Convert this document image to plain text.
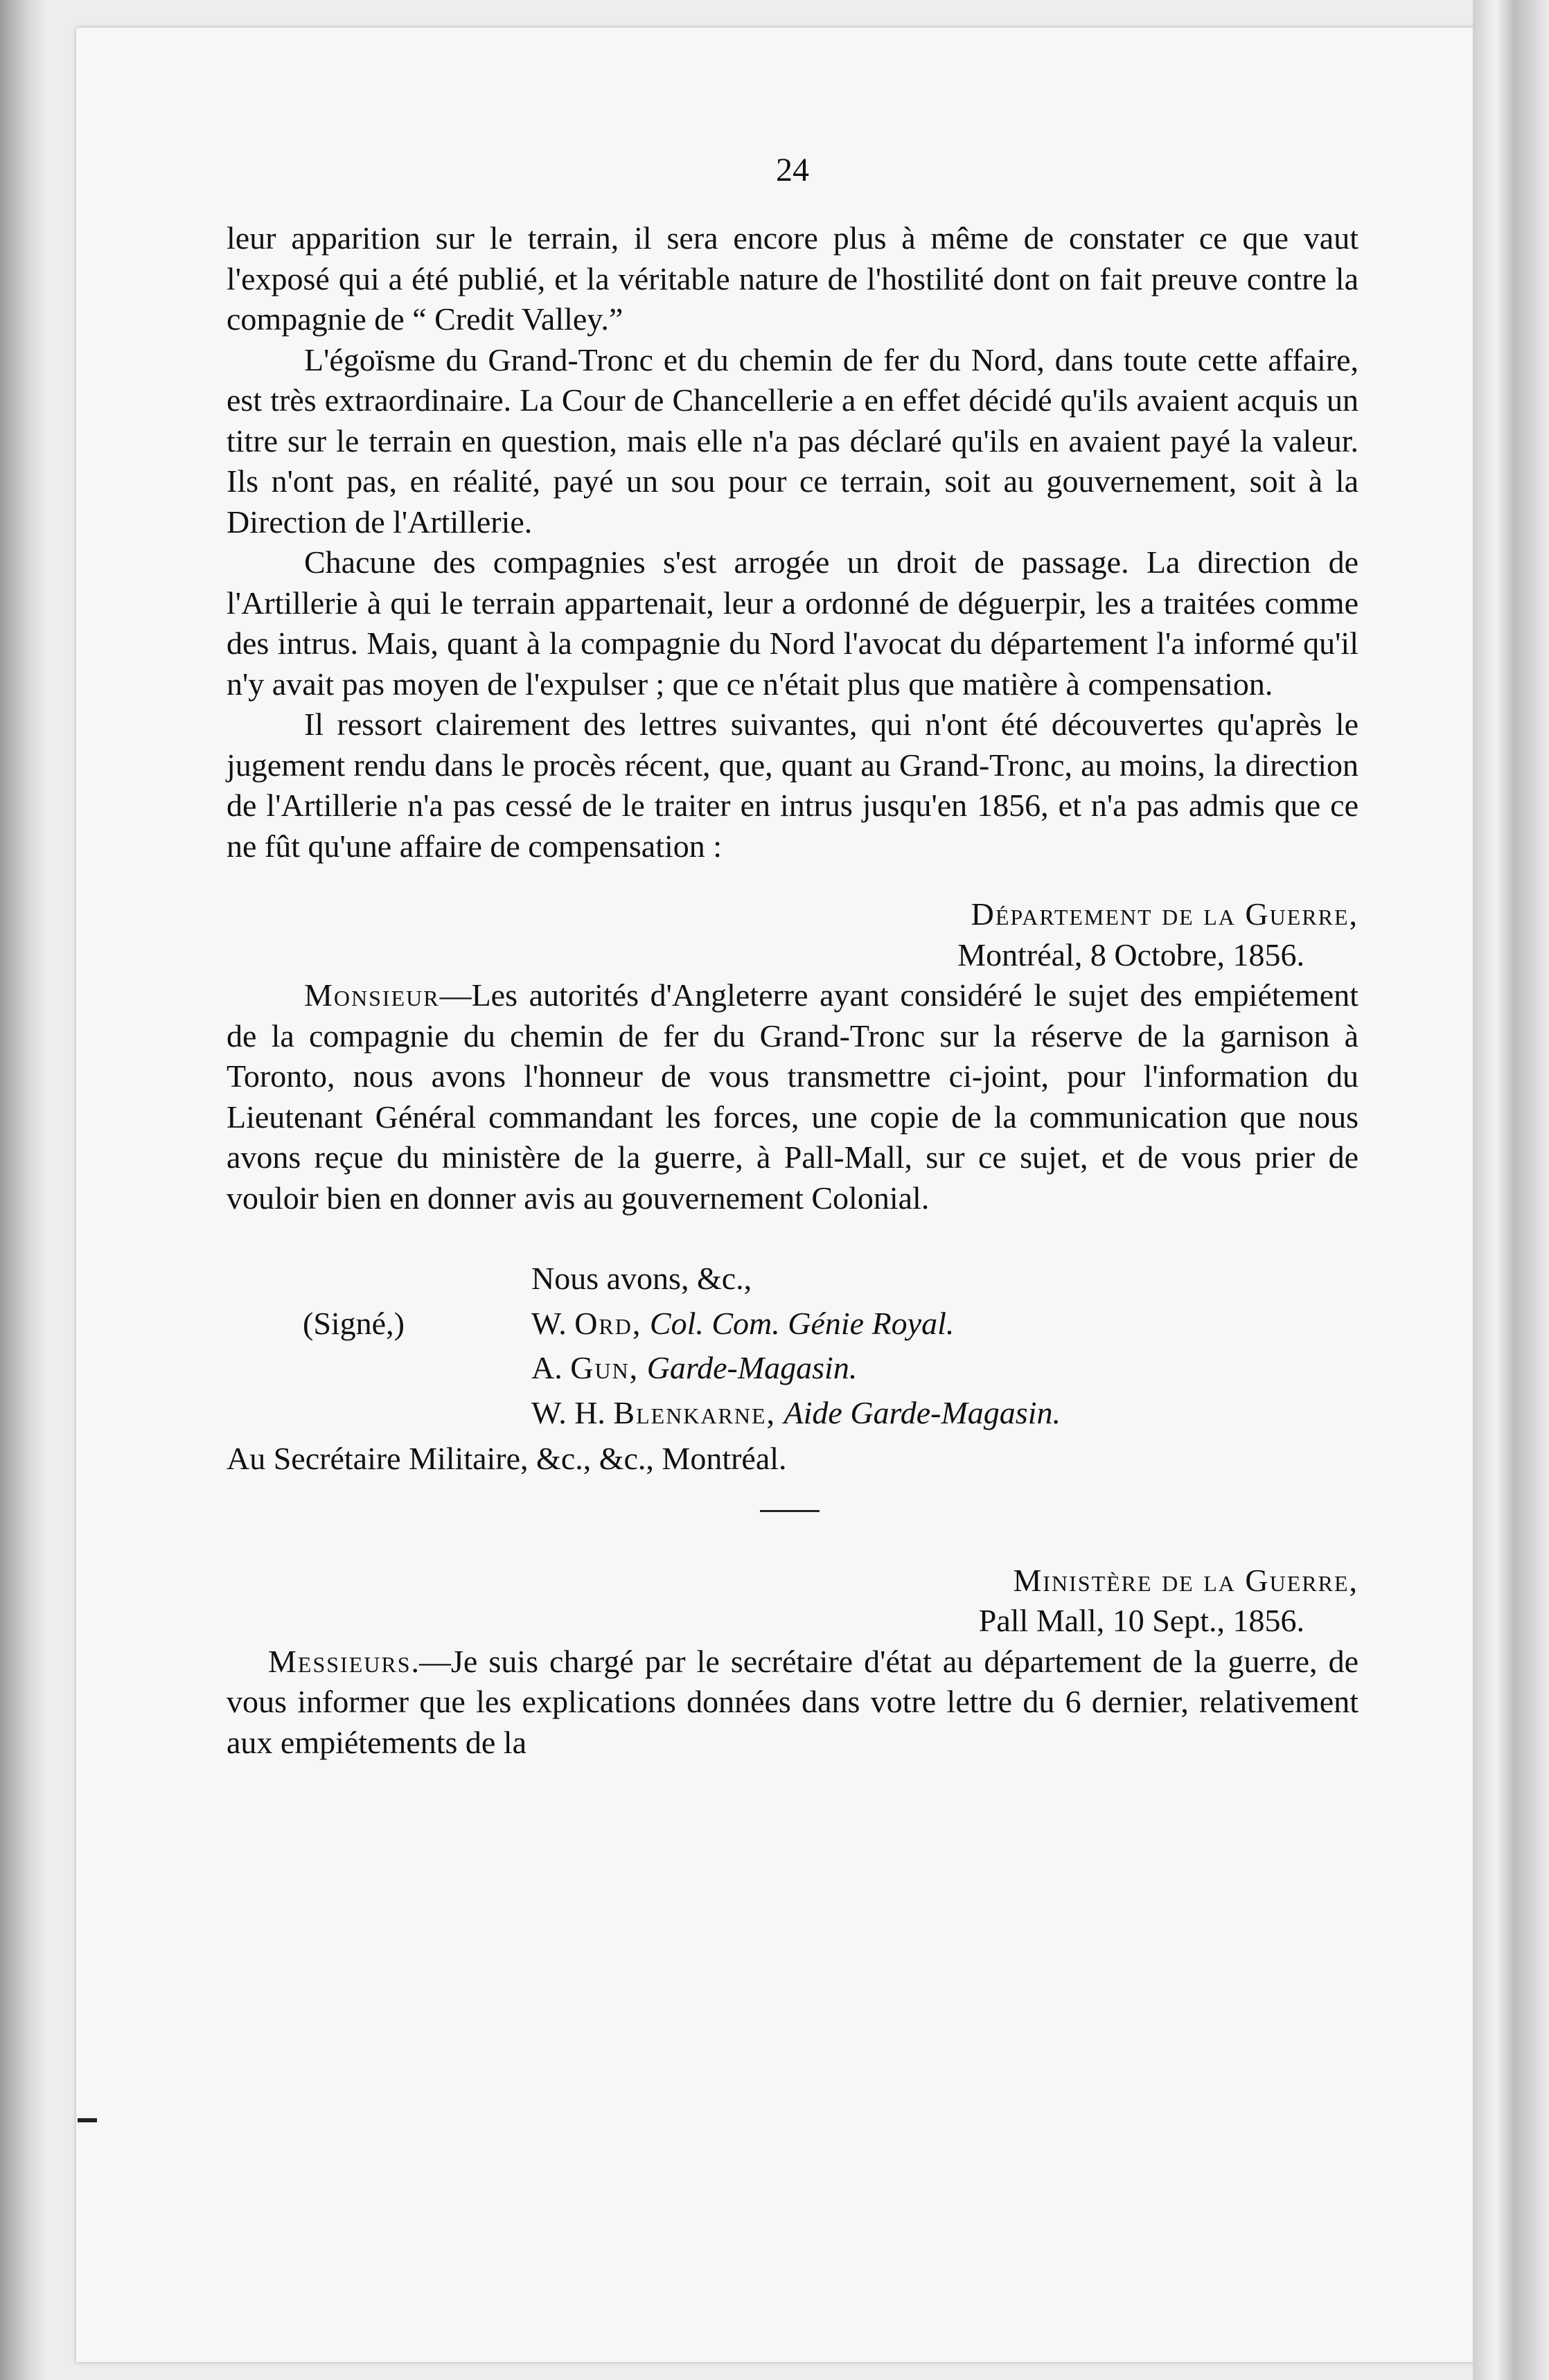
24

leur apparition sur le terrain, il sera encore plus à même de constater ce que vaut l'exposé qui a été publié, et la véritable nature de l'hostilité dont on fait preuve contre la compagnie de “ Credit Valley.”

L'égoïsme du Grand-Tronc et du chemin de fer du Nord, dans toute cette affaire, est très extraordinaire. La Cour de Chancellerie a en effet décidé qu'ils avaient acquis un titre sur le terrain en question, mais elle n'a pas déclaré qu'ils en avaient payé la valeur. Ils n'ont pas, en réalité, payé un sou pour ce terrain, soit au gouvernement, soit à la Direction de l'Artillerie.

Chacune des compagnies s'est arrogée un droit de passage. La direction de l'Artillerie à qui le terrain appartenait, leur a ordonné de déguerpir, les a traitées comme des intrus. Mais, quant à la compagnie du Nord l'avocat du département l'a informé qu'il n'y avait pas moyen de l'expulser ; que ce n'était plus que matière à compensation.

Il ressort clairement des lettres suivantes, qui n'ont été découvertes qu'après le jugement rendu dans le procès récent, que, quant au Grand-Tronc, au moins, la direction de l'Artillerie n'a pas cessé de le traiter en intrus jusqu'en 1856, et n'a pas admis que ce ne fût qu'une affaire de compensation :

Département de la Guerre,

Montréal, 8 Octobre, 1856.

Monsieur—Les autorités d'Angleterre ayant considéré le sujet des empiétement de la compagnie du chemin de fer du Grand-Tronc sur la réserve de la garnison à Toronto, nous avons l'honneur de vous transmettre ci-joint, pour l'information du Lieutenant Général commandant les forces, une copie de la communication que nous avons reçue du ministère de la guerre, à Pall-Mall, sur ce sujet, et de vous prier de vouloir bien en donner avis au gouvernement Colonial.

Nous avons, &c.,

(Signé,)	W.
Ord,
Col. Com. Génie Royal.
A.
Gun,
Garde-Magasin.
W. H.
Blenkarne,
Aide Garde-Magasin.

Au Secrétaire Militaire, &c., &c., Montréal.

Ministère de la Guerre,

Pall Mall, 10 Sept., 1856.

Messieurs.—Je suis chargé par le secrétaire d'état au département de la guerre, de vous informer que les explications données dans votre lettre du 6 dernier, relativement aux empiétements de la
